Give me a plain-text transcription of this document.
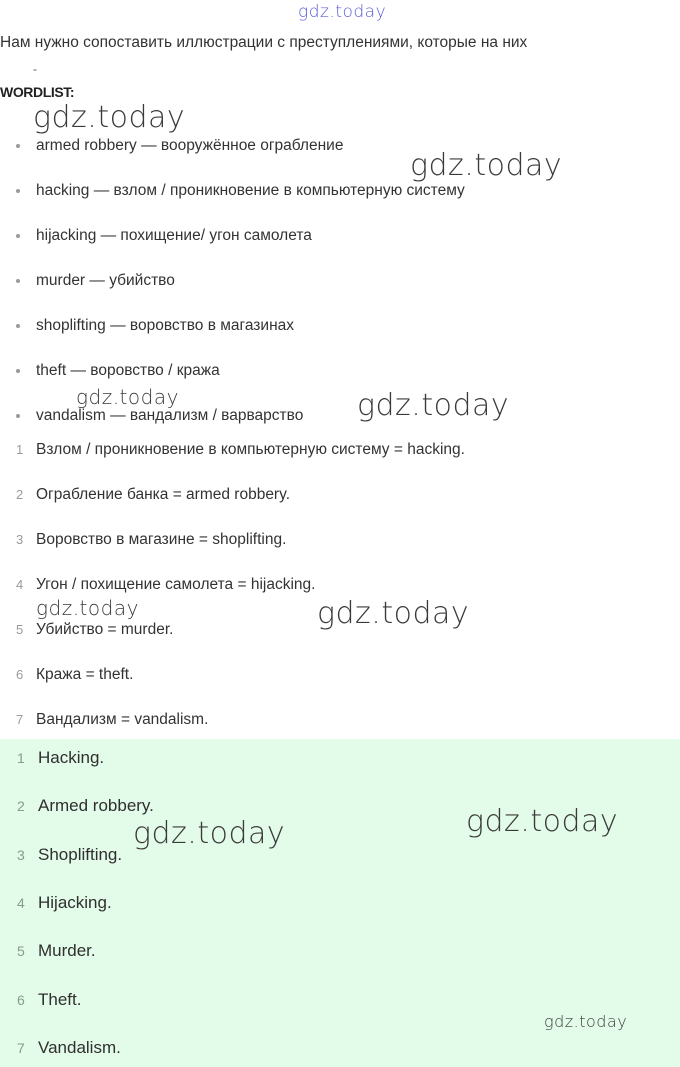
gdz.today
Нам нужно сопоставить иллюстрации с преступлениями, которые на них
-
WORDLIST:
armed robbery — вооружённое ограбление
hacking — взлом / проникновение в компьютерную систему
hijacking — похищение/ угон самолета
murder — убийство
shoplifting — воровство в магазинах
theft — воровство / кража
vandalism — вандализм / варварство
1 Взлом / проникновение в компьютерную систему = hacking.
2 Ограбление банка = armed robbery.
3 Воровство в магазине = shoplifting.
4 Угон / похищение самолета = hijacking.
5 Убийство = murder.
6 Кража = theft.
7 Вандализм = vandalism.
1 Hacking.
2 Armed robbery.
3 Shoplifting.
4 Hijacking.
5 Murder.
6 Theft.
7 Vandalism.
gdz.today
gdz.today
gdz.today	gdz.today
gdz.today	gdz.today
gdz.today	gdz.today
gdz.today
